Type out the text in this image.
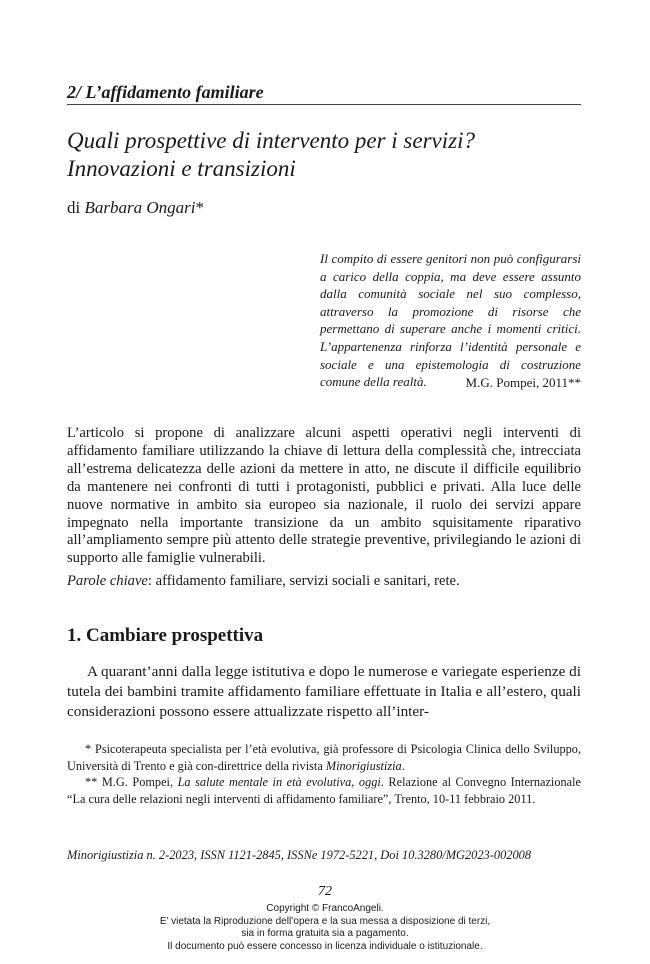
2/ L’affidamento familiare
Quali prospettive di intervento per i servizi?
Innovazioni e transizioni
di Barbara Ongari*
Il compito di essere genitori non può configurarsi a carico della coppia, ma deve essere assunto dalla comunità sociale nel suo complesso, attraverso la promozione di risorse che permettano di superare anche i momenti critici. L’appartenenza rinforza l’identità personale e sociale e una epistemologia di costruzione comune della realtà.	M.G. Pompei, 2011**
L’articolo si propone di analizzare alcuni aspetti operativi negli interventi di affidamento familiare utilizzando la chiave di lettura della complessità che, intrecciata all’estrema delicatezza delle azioni da mettere in atto, ne discute il difficile equilibrio da mantenere nei confronti di tutti i protagonisti, pubblici e privati. Alla luce delle nuove normative in ambito sia europeo sia nazionale, il ruolo dei servizi appare impegnato nella importante transizione da un ambito squisitamente riparativo all’ampliamento sempre più attento delle strategie preventive, privilegiando le azioni di supporto alle famiglie vulnerabili.
Parole chiave: affidamento familiare, servizi sociali e sanitari, rete.
1. Cambiare prospettiva
A quarant’anni dalla legge istitutiva e dopo le numerose e variegate esperienze di tutela dei bambini tramite affidamento familiare effettuate in Italia e all’estero, quali considerazioni possono essere attualizzate rispetto all’inter-

* Psicoterapeuta specialista per l’età evolutiva, già professore di Psicologia Clinica dello Sviluppo, Università di Trento e già con-direttrice della rivista Minorigiustizia.

** M.G. Pompei, La salute mentale in età evolutiva, oggi. Relazione al Convegno Internazionale “La cura delle relazioni negli interventi di affidamento familiare”, Trento, 10-11 febbraio 2011.

Minorigiustizia n. 2-2023, ISSN 1121-2845, ISSNe 1972-5221, Doi 10.3280/MG2023-002008
72
Copyright © FrancoAngeli.
E’ vietata la Riproduzione dell’opera e la sua messa a disposizione di terzi,
sia in forma gratuita sia a pagamento.
Il documento può essere concesso in licenza individuale o istituzionale.
